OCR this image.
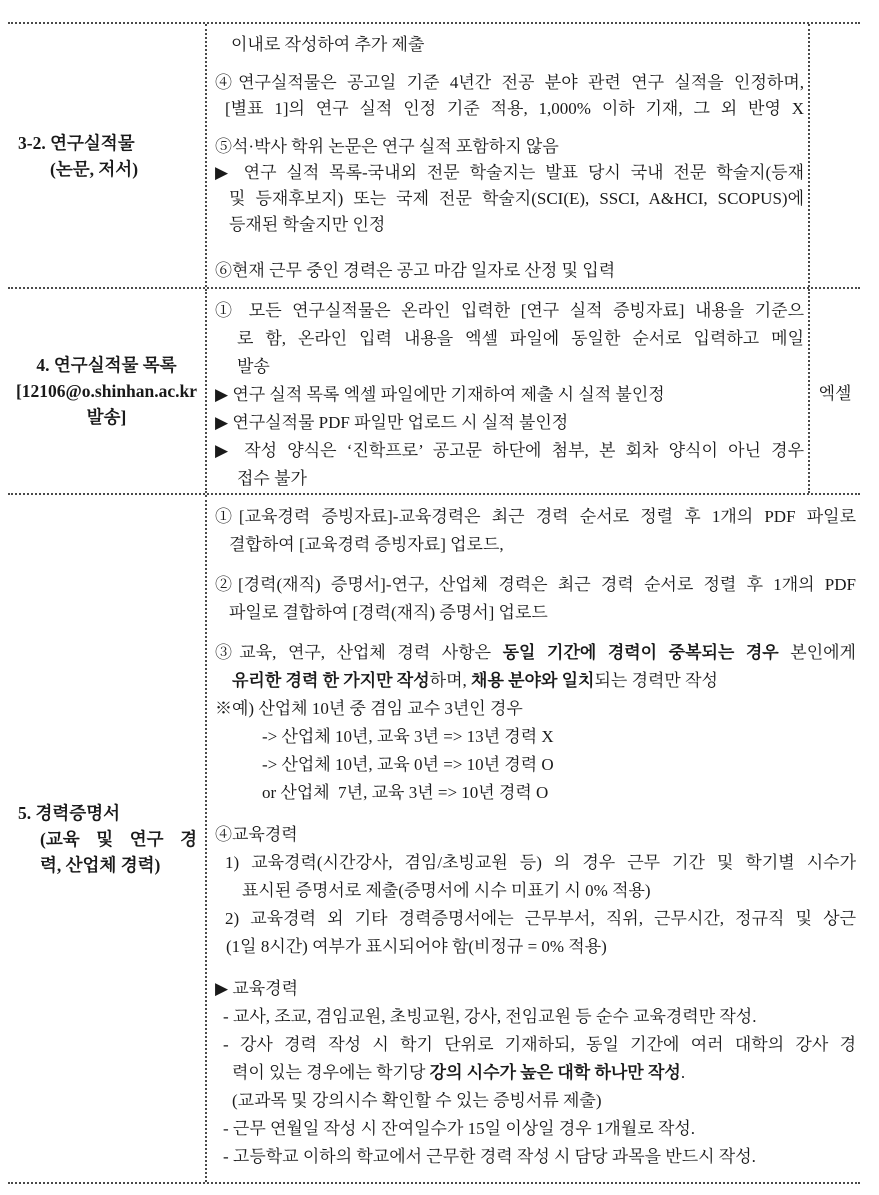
3-2. 연구실적물
(논문, 저서)
이내로 작성하여 추가 제출
④연구실적물은 공고일 기준 4년간 전공 분야 관련 연구 실적을 인정하며,
[별표 1]의 연구 실적 인정 기준 적용, 1,000% 이하 기재, 그 외 반영 X
⑤석·박사 학위 논문은 연구 실적 포함하지 않음
▶ 연구 실적 목록-국내외 전문 학술지는 발표 당시 국내 전문 학술지(등재
및 등재후보지) 또는 국제 전문 학술지(SCI(E), SSCI, A&HCI, SCOPUS)에
등재된 학술지만 인정
⑥현재 근무 중인 경력은 공고 마감 일자로 산정 및 입력
4. 연구실적물 목록
[12106@o.shinhan.ac.kr
발송]
① 모든 연구실적물은 온라인 입력한 [연구 실적 증빙자료] 내용을 기준으
로 함, 온라인 입력 내용을 엑셀 파일에 동일한 순서로 입력하고 메일
발송
▶ 연구 실적 목록 엑셀 파일에만 기재하여 제출 시 실적 불인정
▶ 연구실적물 PDF 파일만 업로드 시 실적 불인정
▶ 작성 양식은 ‘진학프로’ 공고문 하단에 첨부, 본 회차 양식이 아닌 경우
접수 불가
엑셀
5. 경력증명서
(교육 및 연구 경
력, 산업체 경력)
①[교육경력 증빙자료]-교육경력은 최근 경력 순서로 정렬 후 1개의 PDF 파일로
결합하여 [교육경력 증빙자료] 업로드,
②[경력(재직) 증명서]-연구, 산업체 경력은 최근 경력 순서로 정렬 후 1개의 PDF
파일로 결합하여 [경력(재직) 증명서] 업로드
③교육, 연구, 산업체 경력 사항은 동일 기간에 경력이 중복되는 경우 본인에게
유리한 경력 한 가지만 작성하며, 채용 분야와 일치되는 경력만 작성
※예) 산업체 10년 중 겸임 교수 3년인 경우
-> 산업체 10년, 교육 3년 => 13년 경력 X
-> 산업체 10년, 교육 0년 => 10년 경력 O
or 산업체  7년, 교육 3년 => 10년 경력 O
④교육경력
1) 교육경력(시간강사, 겸임/초빙교원 등) 의 경우 근무 기간 및 학기별 시수가
표시된 증명서로 제출(증명서에 시수 미표기 시 0% 적용)
2) 교육경력 외 기타 경력증명서에는 근무부서, 직위, 근무시간, 정규직 및 상근
(1일 8시간) 여부가 표시되어야 함(비정규 = 0% 적용)
▶ 교육경력
- 교사, 조교, 겸임교원, 초빙교원, 강사, 전임교원 등 순수 교육경력만 작성.
- 강사 경력 작성 시 학기 단위로 기재하되, 동일 기간에 여러 대학의 강사 경
력이 있는 경우에는 학기당 강의 시수가 높은 대학 하나만 작성.
(교과목 및 강의시수 확인할 수 있는 증빙서류 제출)
- 근무 연월일 작성 시 잔여일수가 15일 이상일 경우 1개월로 작성.
- 고등학교 이하의 학교에서 근무한 경력 작성 시 담당 과목을 반드시 작성.
